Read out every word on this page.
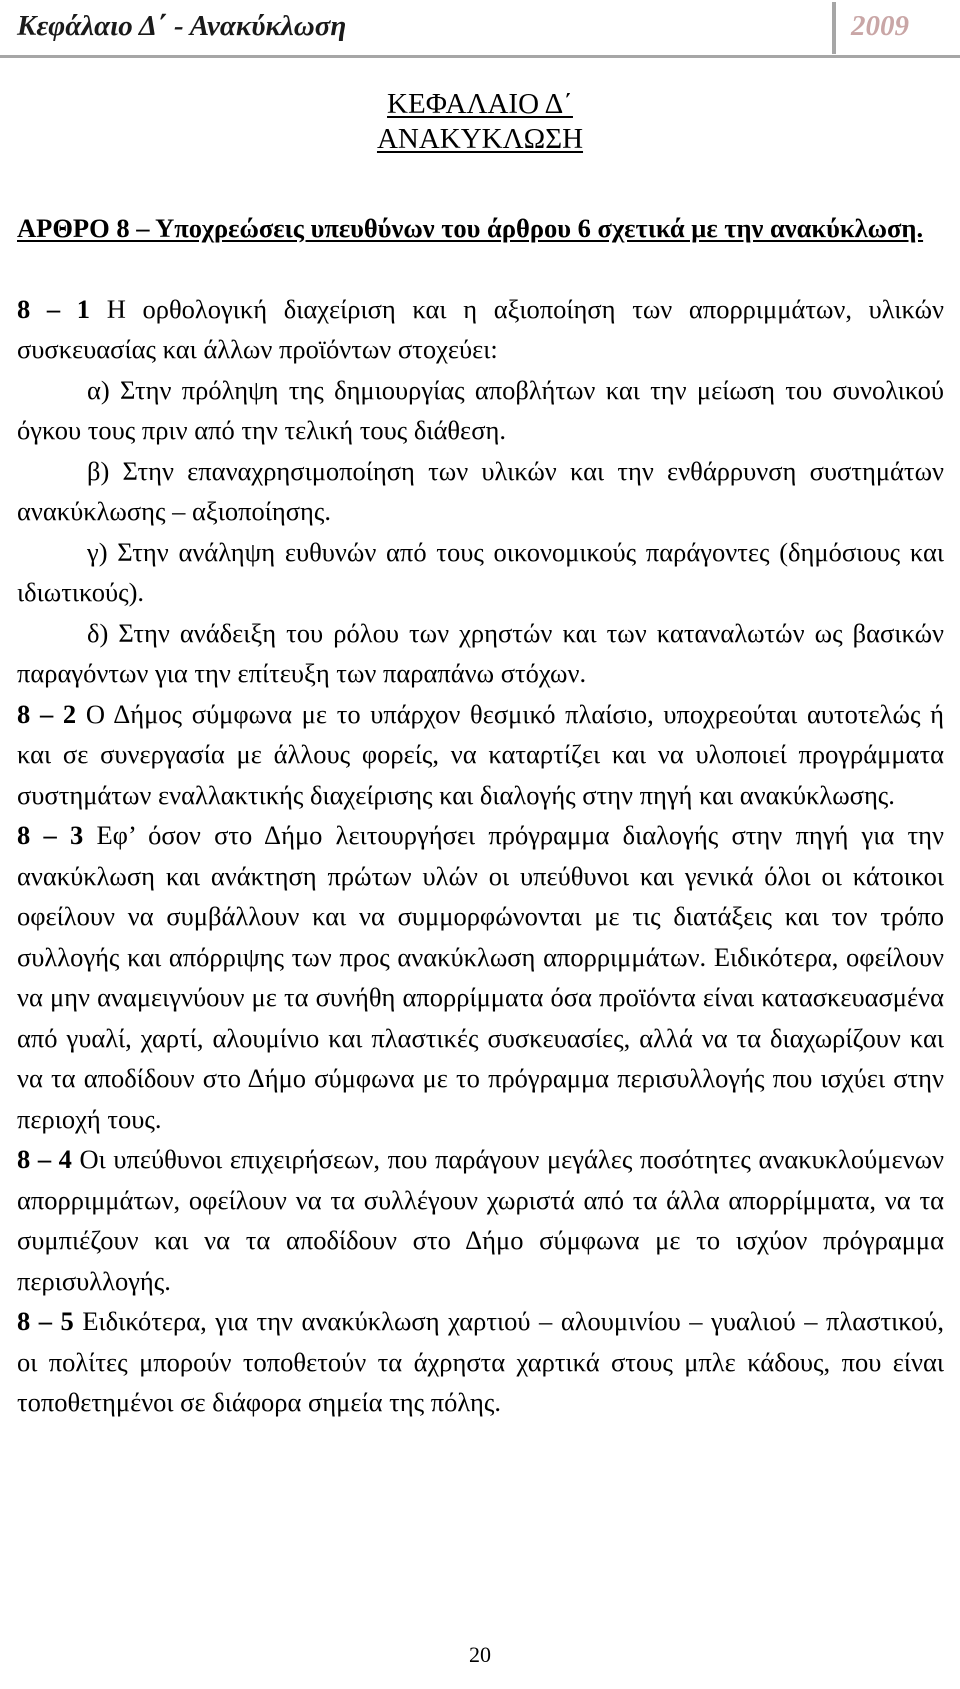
Κεφάλαιο Δ΄ - Ανακύκλωση	2009
ΚΕΦΑΛΑΙΟ Δ΄
ΑΝΑΚΥΚΛΩΣΗ

ΑΡΘΡΟ 8 – Υποχρεώσεις υπευθύνων του άρθρου 6 σχετικά με την ανακύκλωση.

8 – 1 Η ορθολογική διαχείριση και η αξιοποίηση των απορριμμάτων, υλικών συσκευασίας και άλλων προϊόντων στοχεύει:

α) Στην πρόληψη της δημιουργίας αποβλήτων και την μείωση του συνολικού όγκου τους πριν από την τελική τους διάθεση.

β) Στην επαναχρησιμοποίηση των υλικών και την ενθάρρυνση συστημάτων ανακύκλωσης – αξιοποίησης.

γ) Στην ανάληψη ευθυνών από τους οικονομικούς παράγοντες (δημόσιους και ιδιωτικούς).

δ) Στην ανάδειξη του ρόλου των χρηστών και των καταναλωτών ως βασικών παραγόντων για την επίτευξη των παραπάνω στόχων.

8 – 2 Ο Δήμος σύμφωνα με το υπάρχον θεσμικό πλαίσιο, υποχρεούται αυτοτελώς ή και σε συνεργασία με άλλους φορείς, να καταρτίζει και να υλοποιεί προγράμματα συστημάτων εναλλακτικής διαχείρισης και διαλογής στην πηγή και ανακύκλωσης.

8 – 3 Εφ’ όσον στο Δήμο λειτουργήσει πρόγραμμα διαλογής στην πηγή για την ανακύκλωση και ανάκτηση πρώτων υλών οι υπεύθυνοι και γενικά όλοι οι κάτοικοι οφείλουν να συμβάλλουν και να συμμορφώνονται με τις διατάξεις και τον τρόπο συλλογής και απόρριψης των προς ανακύκλωση απορριμμάτων. Ειδικότερα, οφείλουν να μην αναμειγνύουν με τα συνήθη απορρίμματα όσα προϊόντα είναι κατασκευασμένα από γυαλί, χαρτί, αλουμίνιο και πλαστικές συσκευασίες, αλλά να τα διαχωρίζουν και να τα αποδίδουν στο Δήμο σύμφωνα με το πρόγραμμα περισυλλογής που ισχύει στην περιοχή τους.

8 – 4 Οι υπεύθυνοι επιχειρήσεων, που παράγουν μεγάλες ποσότητες ανακυκλούμενων απορριμμάτων, οφείλουν να τα συλλέγουν χωριστά από τα άλλα απορρίμματα, να τα συμπιέζουν και να τα αποδίδουν στο Δήμο σύμφωνα με το ισχύον πρόγραμμα περισυλλογής.

8 – 5 Ειδικότερα, για την ανακύκλωση χαρτιού – αλουμινίου – γυαλιού – πλαστικού, οι πολίτες μπορούν τοποθετούν τα άχρηστα χαρτικά στους μπλε κάδους, που είναι τοποθετημένοι σε διάφορα σημεία της πόλης.

20
